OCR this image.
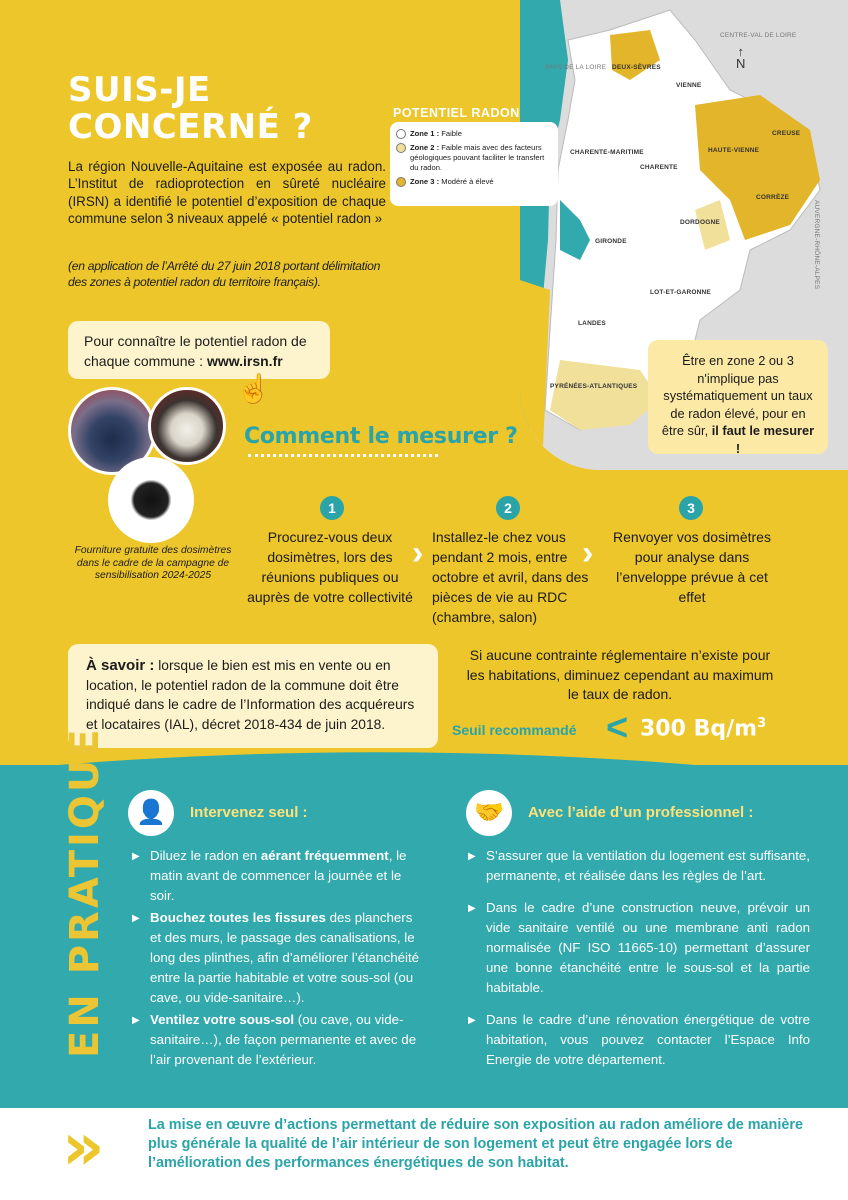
CENTRE-VAL DE LOIRE
PAYS DE LA LOIRE DEUX-SÈVRES
VIENNE
CHARENTE-MARITIME
CHARENTE
HAUTE-VIENNE
CREUSE
CORRÈZE
DORDOGNE
GIRONDE
LOT-ET-GARONNE
LANDES
PYRÉNÉES-ATLANTIQUES
AUVERGNE-RHÔNE-ALPES
↑
N
SUIS-JE CONCERNÉ ?

La région Nouvelle-Aquitaine est exposée au radon. L’Institut de radioprotection en sûreté nucléaire (IRSN) a identifié le potentiel d’exposition de chaque commune selon 3 niveaux appelé « potentiel radon »

(en application de l’Arrêté du 27 juin 2018 portant délimitation des zones à potentiel radon du territoire français).

POTENTIEL RADON
Zone 1 : Faible
Zone 2 : Faible mais avec des facteurs géologiques pouvant faciliter le transfert du radon.
Zone 3 : Modéré à élevé
Pour connaître le potentiel radon de chaque commune : www.irsn.fr
☝

Fourniture gratuite des dosimètres dans le cadre de la campagne de sensibilisation 2024-2025

Être en zone 2 ou 3 n'implique pas systématiquement un taux de radon élevé, pour en être sûr, il faut le mesurer !
Comment le mesurer ?
1
Procurez-vous deux dosimètres, lors des réunions publiques ou auprès de votre collectivité
›
2
Installez-le chez vous pendant 2 mois, entre octobre et avril, dans des pièces de vie au RDC (chambre, salon)
›
3
Renvoyer vos dosimètres pour analyse dans l’enveloppe prévue à cet effet
À savoir : lorsque le bien est mis en vente ou en location, le potentiel radon de la commune doit être indiqué dans le cadre de l’Information des acquéreurs et locataires (IAL), décret 2018-434 de juin 2018.

Si aucune contrainte réglementaire n’existe pour les habitations, diminuez cependant au maximum le taux de radon.

Seuil recommandé < 300 $Bq/m^3$
EN PRATIQUE	👤	Intervenez seul :
▶ Diluez le radon en aérant fréquemment, le matin avant de commencer la journée et le soir.
▶ Bouchez toutes les fissures des planchers et des murs, le passage des canalisations, le long des plinthes, afin d’améliorer l’étanchéité entre la partie habitable et votre sous-sol (ou cave, ou vide-sanitaire…).
▶ Ventilez votre sous-sol (ou cave, ou vide-sanitaire…), de façon permanente et avec de l’air provenant de l’extérieur.
🤝	Avec l’aide d’un professionnel :
▶ S’assurer que la ventilation du logement est suffisante, permanente, et réalisée dans les règles de l’art.
▶ Dans le cadre d’une construction neuve, prévoir un vide sanitaire ventilé ou une membrane anti radon normalisée (NF ISO 11665-10) permettant d’assurer une bonne étanchéité entre le sous-sol et la partie habitable.
▶ Dans le cadre d’une rénovation énergétique de votre habitation, vous pouvez contacter l’Espace Info Energie de votre département.
»	La mise en œuvre d’actions permettant de réduire son exposition au radon améliore de manière plus générale la qualité de l’air intérieur de son logement et peut être engagée lors de l’amélioration des performances énergétiques de son habitat.
